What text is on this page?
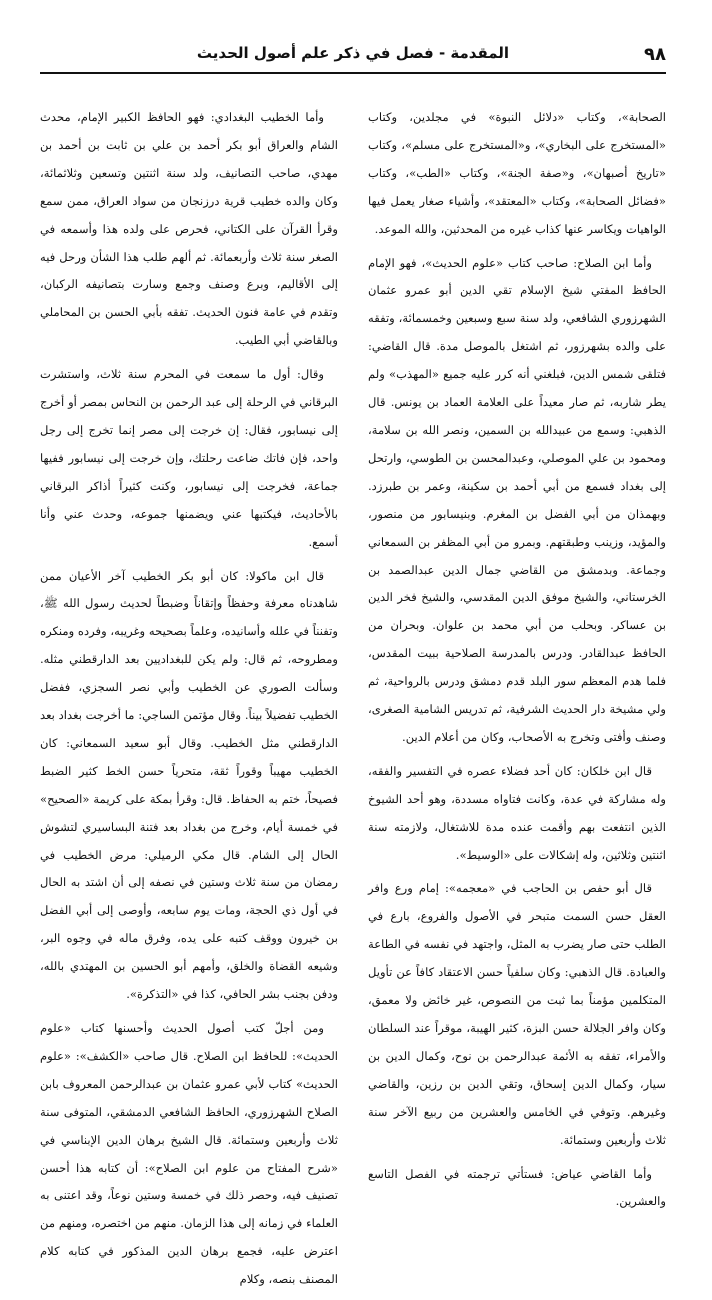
٩٨
المقدمة - فصل في ذكر علم أصول الحديث

الصحابة»، وكتاب «دلائل النبوة» في مجلدين، وكتاب «المستخرج على البخاري»، و«المستخرج على مسلم»، وكتاب «تاريخ أصبهان»، و«صفة الجنة»، وكتاب «الطب»، وكتاب «فضائل الصحابة»، وكتاب «المعتقد»، وأشياء صغار يعمل فيها الواهيات ويكاسر عنها كذاب غيره من المحدثين، والله الموعد.

وأما ابن الصلاح: صاحب كتاب «علوم الحديث»، فهو الإمام الحافظ المفتي شيخ الإسلام تقي الدين أبو عمرو عثمان الشهرزوري الشافعي، ولد سنة سبع وسبعين وخمسمائة، وتفقه على والده بشهرزور، ثم اشتغل بالموصل مدة. قال القاضي: فتلقى شمس الدين، فبلغني أنه كرر عليه جميع «المهذب» ولم يطر شاربه، ثم صار معيداً على العلامة العماد بن يونس. قال الذهبي: وسمع من عبيدالله بن السمين، ونصر الله بن سلامة، ومحمود بن علي الموصلي، وعبدالمحسن بن الطوسي، وارتحل إلى بغداد فسمع من أبي أحمد بن سكينة، وعمر بن طبرزد. وبهمذان من أبي الفضل بن المغرم. وبنيسابور من منصور، والمؤيد، وزينب وطبقتهم. وبمرو من أبي المظفر بن السمعاني وجماعة. وبدمشق من القاضي جمال الدين عبدالصمد بن الخرستاني، والشيخ موفق الدين المقدسي، والشيخ فخر الدين بن عساكر. وبحلب من أبي محمد بن علوان. وبحران من الحافظ عبدالقادر. ودرس بالمدرسة الصلاحية ببيت المقدس، فلما هدم المعظم سور البلد قدم دمشق ودرس بالرواحية، ثم ولي مشيخة دار الحديث الشرفية، ثم تدريس الشامية الصغرى، وصنف وأفتى وتخرج به الأصحاب، وكان من أعلام الدين.

قال ابن خلكان: كان أحد فضلاء عصره في التفسير والفقه، وله مشاركة في عدة، وكانت فتاواه مسددة، وهو أحد الشيوخ الذين انتفعت بهم وأقمت عنده مدة للاشتغال، ولازمته سنة اثنتين وثلاثين، وله إشكالات على «الوسيط».

قال أبو حفص بن الحاجب في «معجمه»: إمام ورع وافر العقل حسن السمت متبحر في الأصول والفروع، بارع في الطلب حتى صار يضرب به المثل، واجتهد في نفسه في الطاعة والعبادة. قال الذهبي: وكان سلفياً حسن الاعتقاد كافاً عن تأويل المتكلمين مؤمناً بما ثبت من النصوص، غير خائض ولا معمق، وكان وافر الجلالة حسن البزة، كثير الهيبة، موقراً عند السلطان والأمراء، تفقه به الأئمة عبدالرحمن بن نوح، وكمال الدين بن سيار، وكمال الدين إسحاق، وتقي الدين بن رزين، والقاضي وغيرهم. وتوفي في الخامس والعشرين من ربيع الآخر سنة ثلاث وأربعين وستمائة.

وأما القاضي عياض: فستأتي ترجمته في الفصل التاسع والعشرين.

وأما الخطيب البغدادي: فهو الحافظ الكبير الإمام، محدث الشام والعراق أبو بكر أحمد بن علي بن ثابت بن أحمد بن مهدي، صاحب التصانيف، ولد سنة اثنتين وتسعين وثلاثمائة، وكان والده خطيب قرية درزنجان من سواد العراق، ممن سمع وقرأ القرآن على الكتاني، فحرص على ولده هذا وأسمعه في الصغر سنة ثلاث وأربعمائة. ثم ألهم طلب هذا الشأن ورحل فيه إلى الأقاليم، وبرع وصنف وجمع وسارت بتصانيفه الركبان، وتقدم في عامة فنون الحديث. تفقه بأبي الحسن بن المحاملي وبالقاضي أبي الطيب.

وقال: أول ما سمعت في المحرم سنة ثلاث، واستشرت البرقاني في الرحلة إلى عبد الرحمن بن النحاس بمصر أو أخرج إلى نيسابور، فقال: إن خرجت إلى مصر إنما تخرج إلى رجل واحد، فإن فاتك ضاعت رحلتك، وإن خرجت إلى نيسابور ففيها جماعة، فخرجت إلى نيسابور، وكنت كثيراً أذاكر البرقاني بالأحاديث، فيكتبها عني ويضمنها جموعه، وحدث عني وأنا أسمع.

قال ابن ماكولا: كان أبو بكر الخطيب آخر الأعيان ممن شاهدناه معرفة وحفظاً وإتقاناً وضبطاً لحديث رسول الله ﷺ، وتفنناً في علله وأسانيده، وعلماً بصحيحه وغريبه، وفرده ومنكره ومطروحه، ثم قال: ولم يكن للبغداديين بعد الدارقطني مثله. وسألت الصوري عن الخطيب وأبي نصر السجزي، ففضل الخطيب تفضيلاً بيناً. وقال مؤتمن الساجي: ما أخرجت بغداد بعد الدارقطني مثل الخطيب. وقال أبو سعيد السمعاني: كان الخطيب مهيباً وقوراً ثقة، متحرياً حسن الخط كثير الضبط فصيحاً، ختم به الحفاظ. قال: وقرأ بمكة على كريمة «الصحيح» في خمسة أيام، وخرج من بغداد بعد فتنة البساسيري لتشوش الحال إلى الشام. قال مكي الرميلي: مرض الخطيب في رمضان من سنة ثلاث وستين في نصفه إلى أن اشتد به الحال في أول ذي الحجة، ومات يوم سابعه، وأوصى إلى أبي الفضل بن خيرون ووقف كتبه على يده، وفرق ماله في وجوه البر، وشيعه القضاة والخلق، وأمهم أبو الحسين بن المهتدي بالله، ودفن بجنب بشر الحافي، كذا في «التذكرة».

ومن أجلّ كتب أصول الحديث وأحسنها كتاب «علوم الحديث»: للحافظ ابن الصلاح. قال صاحب «الكشف»: «علوم الحديث» كتاب لأبي عمرو عثمان بن عبدالرحمن المعروف بابن الصلاح الشهرزوري، الحافظ الشافعي الدمشقي، المتوفى سنة ثلاث وأربعين وستمائة. قال الشيخ برهان الدين الإبناسي في «شرح المفتاح من علوم ابن الصلاح»: أن كتابه هذا أحسن تصنيف فيه، وحصر ذلك في خمسة وستين نوعاً، وقد اعتنى به العلماء في زمانه إلى هذا الزمان. منهم من اختصره، ومنهم من اعترض عليه، فجمع برهان الدين المذكور في كتابه كلام المصنف بنصه، وكلام
